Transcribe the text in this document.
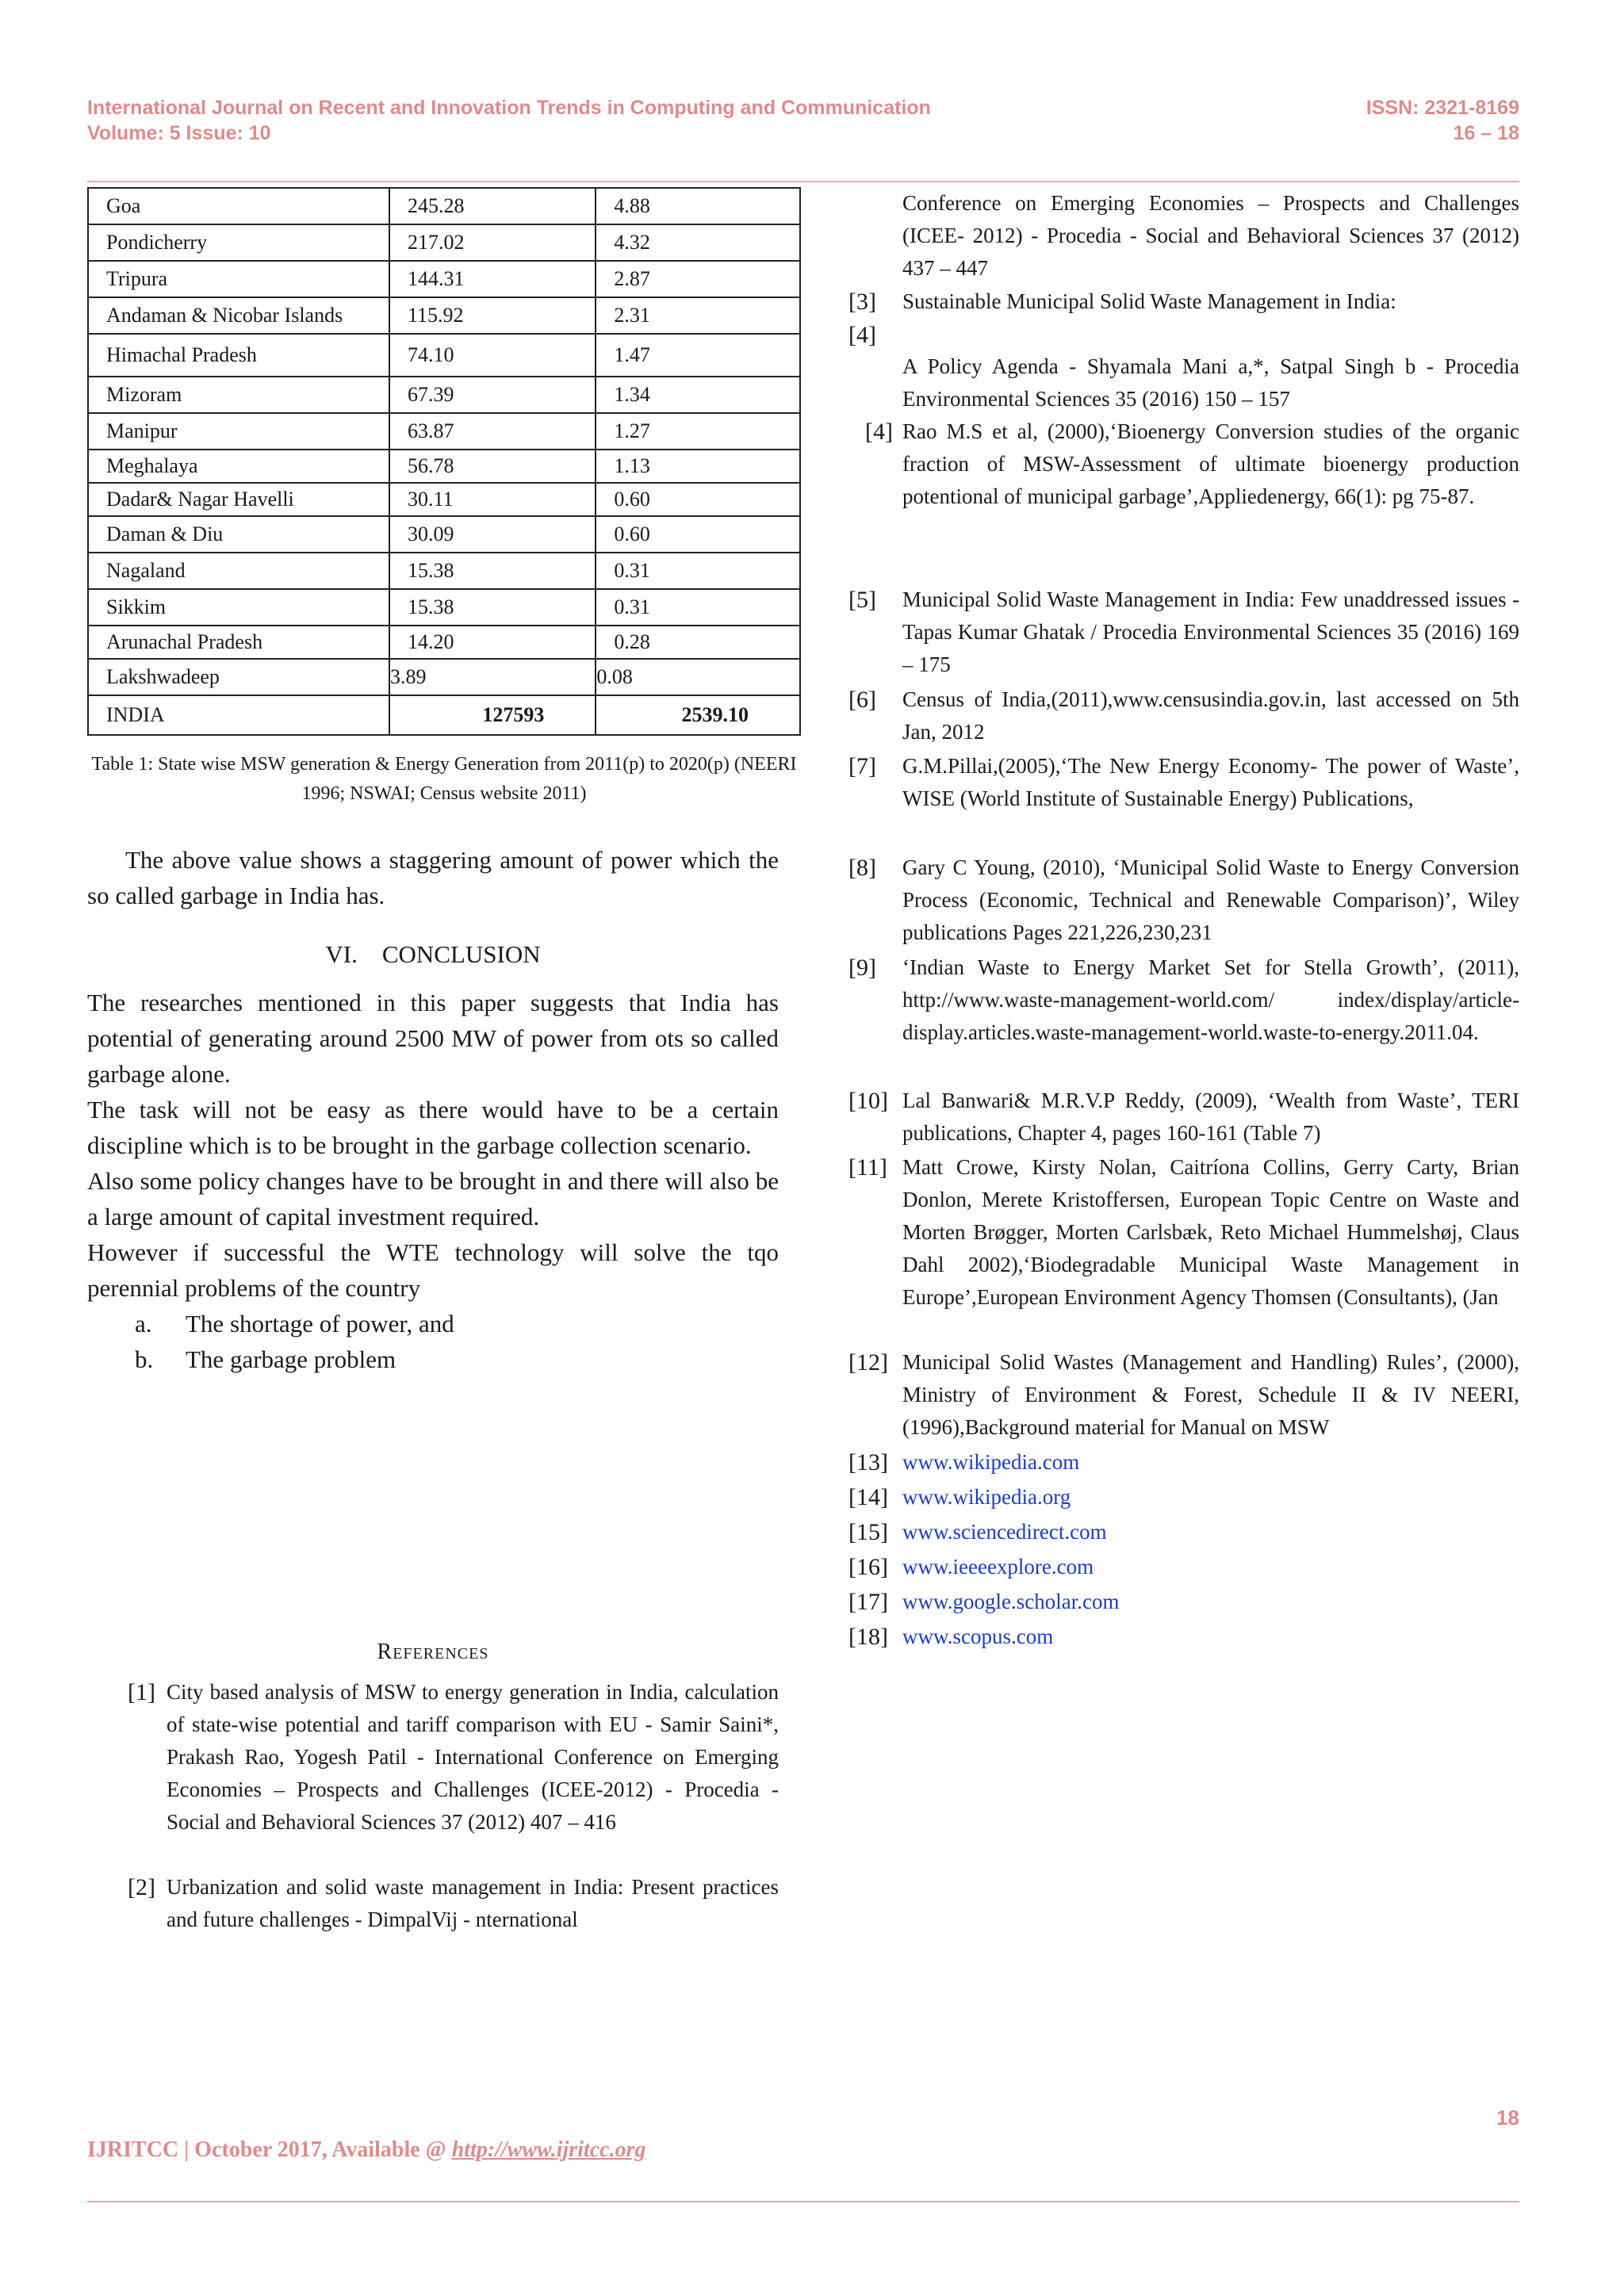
International Journal on Recent and Innovation Trends in Computing and Communication
Volume: 5 Issue: 10
ISSN: 2321-8169
16 – 18
Goa	245.28	4.88
Pondicherry	217.02	4.32
Tripura	144.31	2.87
Andaman & Nicobar Islands	115.92	2.31
Himachal Pradesh	74.10	1.47
Mizoram	67.39	1.34
Manipur	63.87	1.27
Meghalaya	56.78	1.13
Dadar& Nagar Havelli	30.11	0.60
Daman & Diu	30.09	0.60
Nagaland	15.38	0.31
Sikkim	15.38	0.31
Arunachal Pradesh	14.20	0.28
Lakshwadeep	3.89	0.08
INDIA	127593	2539.10
Table 1: State wise MSW generation & Energy Generation from 2011(p) to 2020(p) (NEERI 1996; NSWAI; Census website 2011)

The above value shows a staggering amount of power which the so called garbage in India has.

VI.    CONCLUSION

The researches mentioned in this paper suggests that India has potential of generating around 2500 MW of power from ots so called garbage alone.

The task will not be easy as there would have to be a certain discipline which is to be brought in the garbage collection scenario.

Also some policy changes have to be brought in and there will also be a large amount of capital investment required.

However if successful the WTE technology will solve the tqo perennial problems of the country

a. The shortage of power, and
b. The garbage problem
References
[1] City based analysis of MSW to energy generation in India, calculation of state-wise potential and tariff comparison with EU - Samir Saini*, Prakash Rao, Yogesh Patil - International Conference on Emerging Economies – Prospects and Challenges (ICEE-2012) - Procedia - Social and Behavioral Sciences 37 (2012) 407 – 416
[2] Urbanization and solid waste management in India: Present practices and future challenges - DimpalVij - nternational
Conference on Emerging Economies – Prospects and Challenges (ICEE- 2012) - Procedia - Social and Behavioral Sciences 37 (2012) 437 – 447
[3]	Sustainable Municipal Solid Waste Management in India:
[4]
A Policy Agenda - Shyamala Mani a,*, Satpal Singh b - Procedia Environmental Sciences 35 (2016) 150 – 157
[4] Rao M.S et al, (2000),‘Bioenergy Conversion studies of the organic fraction of MSW-Assessment of ultimate bioenergy production potentional of municipal garbage’,Appliedenergy, 66(1): pg 75-87.
[5]	Municipal Solid Waste Management in India: Few unaddressed issues -Tapas Kumar Ghatak / Procedia Environmental Sciences 35 (2016) 169 – 175
[6]	Census of India,(2011),www.censusindia.gov.in, last accessed on 5th Jan, 2012
[7]	G.M.Pillai,(2005),‘The New Energy Economy- The power of Waste’, WISE (World Institute of Sustainable Energy) Publications,
[8]	Gary C Young, (2010), ‘Municipal Solid Waste to Energy Conversion Process (Economic, Technical and Renewable Comparison)’, Wiley publications Pages 221,226,230,231
[9]	‘Indian Waste to Energy Market Set for Stella Growth’, (2011), http://www.waste-management-world.com/ index/display/article- display.articles.waste-management-world.waste-to-energy.2011.04.
[10] Lal Banwari& M.R.V.P Reddy, (2009), ‘Wealth from Waste’, TERI publications, Chapter 4, pages 160-161 (Table 7)
[11] Matt Crowe, Kirsty Nolan, Caitríona Collins, Gerry Carty, Brian Donlon, Merete Kristoffersen, European Topic Centre on Waste and Morten Brøgger, Morten Carlsbæk, Reto Michael Hummelshøj, Claus Dahl 2002),‘Biodegradable Municipal Waste Management in Europe’,European Environment Agency Thomsen (Consultants), (Jan
[12] Municipal Solid Wastes (Management and Handling) Rules’, (2000), Ministry of Environment & Forest, Schedule II & IV NEERI, (1996),Background material for Manual on MSW
[13] www.wikipedia.com
[14] www.wikipedia.org
[15] www.sciencedirect.com
[16] www.ieeeexplore.com
[17] www.google.scholar.com
[18] www.scopus.com
18
IJRITCC | October 2017, Available @ http://www.ijritcc.org
